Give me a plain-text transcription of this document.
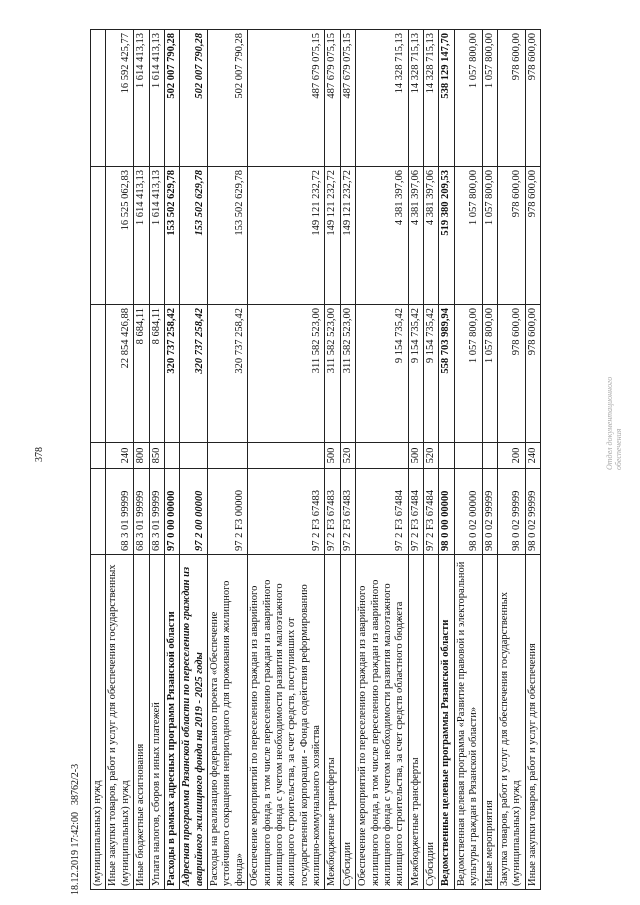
378
(муниципальных) нужд					
Иные закупки товаров, работ и услуг для обеспечения государственных (муниципальных) нужд	68 3 01 99999	240	22 854 426,88	16 525 062,83	16 592 425,77
Иные бюджетные ассигнования	68 3 01 99999	800	8 684,11	1 614 413,13	1 614 413,13
Уплата налогов, сборов и иных платежей	68 3 01 99999	850	8 684,11	1 614 413,13	1 614 413,13
Расходы в рамках адресных программ Рязанской области	97 0 00 00000		320 737 258,42	153 502 629,78	502 007 790,28
Адресная программа Рязанской области по переселению граждан из аварийного жилищного фонда на 2019 - 2025 годы	97 2 00 00000		320 737 258,42	153 502 629,78	502 007 790,28
Расходы на реализацию федерального проекта «Обеспечение устойчивого сокращения непригодного для проживания жилищного фонда»	97 2 F3 00000		320 737 258,42	153 502 629,78	502 007 790,28
Обеспечение мероприятий по переселению граждан из аварийного жилищного фонда, в том числе переселению граждан из аварийного жилищного фонда с учетом необходимости развития малоэтажного жилищного строительства, за счет средств, поступивших от государственной корпорации - Фонда содействия реформированию жилищно-коммунального хозяйства	97 2 F3 67483		311 582 523,00	149 121 232,72	487 679 075,15
Межбюджетные трансферты	97 2 F3 67483	500	311 582 523,00	149 121 232,72	487 679 075,15
Субсидии	97 2 F3 67483	520	311 582 523,00	149 121 232,72	487 679 075,15
Обеспечение мероприятий по переселению граждан из аварийного жилищного фонда, в том числе переселению граждан из аварийного жилищного фонда с учетом необходимости развития малоэтажного жилищного строительства, за счет средств областного бюджета	97 2 F3 67484		9 154 735,42	4 381 397,06	14 328 715,13
Межбюджетные трансферты	97 2 F3 67484	500	9 154 735,42	4 381 397,06	14 328 715,13
Субсидии	97 2 F3 67484	520	9 154 735,42	4 381 397,06	14 328 715,13
Ведомственные целевые программы Рязанской области	98 0 00 00000		558 703 989,94	519 380 209,53	538 129 147,70
Ведомственная целевая программа «Развитие правовой и электоральной культуры граждан в Рязанской области»	98 0 02 00000		1 057 800,00	1 057 800,00	1 057 800,00
Иные мероприятия	98 0 02 99999		1 057 800,00	1 057 800,00	1 057 800,00
Закупка товаров, работ и услуг для обеспечения государственных (муниципальных) нужд	98 0 02 99999	200	978 600,00	978 600,00	978 600,00
Иные закупки товаров, работ и услуг для обеспечения	98 0 02 99999	240	978 600,00	978 600,00	978 600,00
18.12.2019 17:42:00
38762/2-3
Отдел документационного обеспечения
